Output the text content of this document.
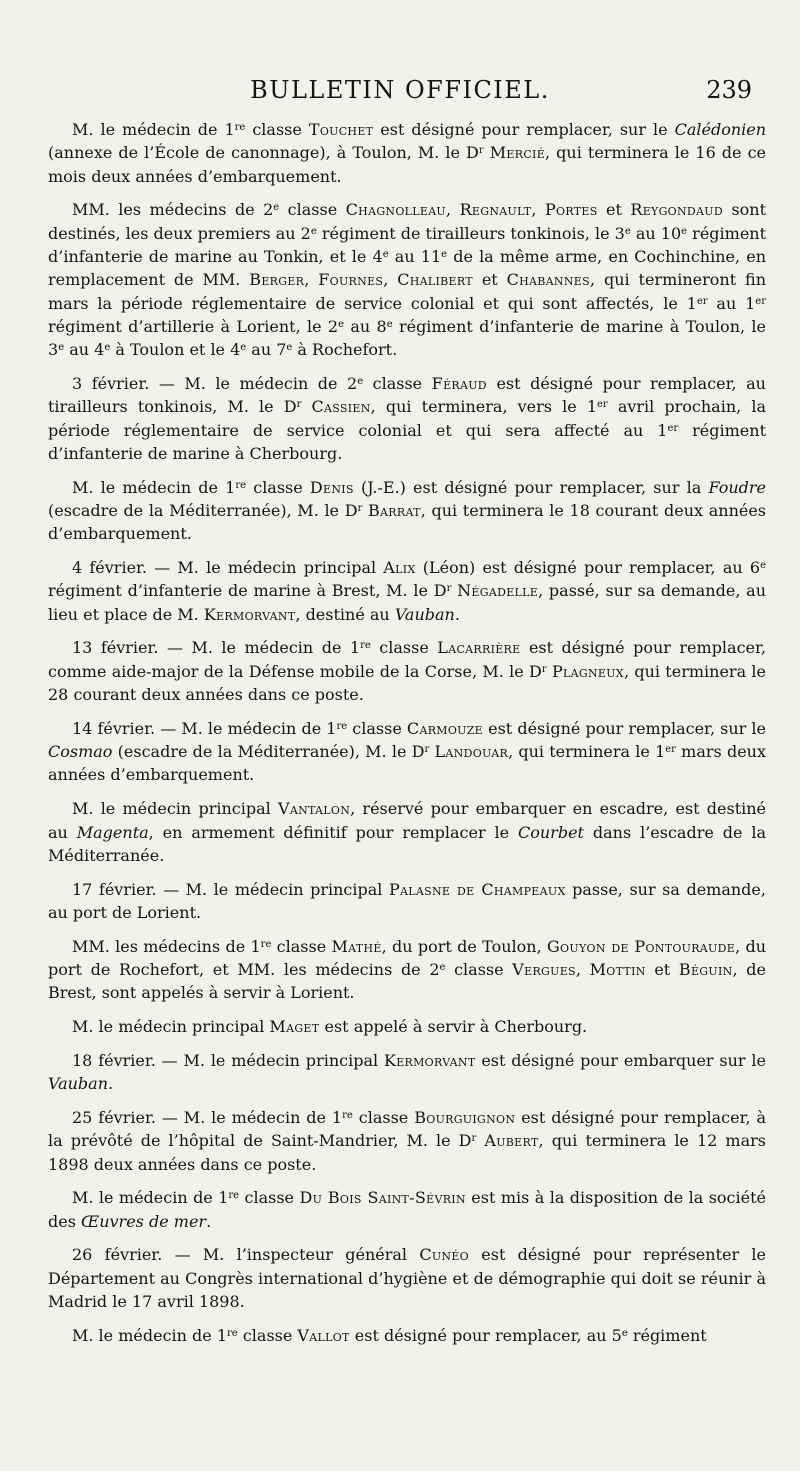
BULLETIN OFFICIEL.	239

M. le médecin de 1re classe Touchet est désigné pour remplacer, sur le Calédonien (annexe de l’École de canonnage), à Toulon, M. le $D^r$ Mercié, qui terminera le 16 de ce mois deux années d’embarquement.

MM. les médecins de 2e classe Chagnolleau, Regnault, Portes et Reygondaud sont destinés, les deux premiers au 2e régiment de tirailleurs tonkinois, le 3e au 10e régiment d’infanterie de marine au Tonkin, et le 4e au 11e de la même arme, en Cochinchine, en remplacement de MM. Berger, Fournes, Chalibert et Chabannes, qui termineront fin mars la période réglementaire de service colonial et qui sont affectés, le 1er au 1er régiment d’artillerie à Lorient, le 2e au 8e régiment d’infanterie de marine à Toulon, le 3e au 4e à Toulon et le 4e au 7e à Rochefort.

3 février. — M. le médecin de 2e classe Féraud est désigné pour remplacer, au tirailleurs tonkinois, M. le $D^r$ Cassien, qui terminera, vers le 1er avril prochain, la période réglementaire de service colonial et qui sera affecté au 1er régiment d’infanterie de marine à Cherbourg.

M. le médecin de 1re classe Denis (J.-E.) est désigné pour remplacer, sur la Foudre (escadre de la Méditerranée), M. le $D^r$ Barrat, qui terminera le 18 courant deux années d’embarquement.

4 février. — M. le médecin principal Alix (Léon) est désigné pour remplacer, au 6e régiment d’infanterie de marine à Brest, M. le $D^r$ Négadelle, passé, sur sa demande, au lieu et place de M. Kermorvant, destiné au Vauban.

13 février. — M. le médecin de 1re classe Lacarrière est désigné pour remplacer, comme aide-major de la Défense mobile de la Corse, M. le $D^r$ Plagneux, qui terminera le 28 courant deux années dans ce poste.

14 février. — M. le médecin de 1re classe Carmouze est désigné pour remplacer, sur le Cosmao (escadre de la Méditerranée), M. le $D^r$ Landouar, qui terminera le 1er mars deux années d’embarquement.

M. le médecin principal Vantalon, réservé pour embarquer en escadre, est destiné au Magenta, en armement définitif pour remplacer le Courbet dans l’escadre de la Méditerranée.

17 février. — M. le médecin principal Palasne de Champeaux passe, sur sa demande, au port de Lorient.

MM. les médecins de 1re classe Mathé, du port de Toulon, Gouyon de Pontouraude, du port de Rochefort, et MM. les médecins de 2e classe Vergues, Mottin et Béguin, de Brest, sont appelés à servir à Lorient.

M. le médecin principal Maget est appelé à servir à Cherbourg.

18 février. — M. le médecin principal Kermorvant est désigné pour embarquer sur le Vauban.

25 février. — M. le médecin de 1re classe Bourguignon est désigné pour remplacer, à la prévôté de l’hôpital de Saint-Mandrier, M. le $D^r$ Aubert, qui terminera le 12 mars 1898 deux années dans ce poste.

M. le médecin de 1re classe Du Bois Saint-Sévrin est mis à la disposition de la société des Œuvres de mer.

26 février. — M. l’inspecteur général Cunéo est désigné pour représenter le Département au Congrès international d’hygiène et de démographie qui doit se réunir à Madrid le 17 avril 1898.

M. le médecin de 1re classe Vallot est désigné pour remplacer, au 5e régiment
